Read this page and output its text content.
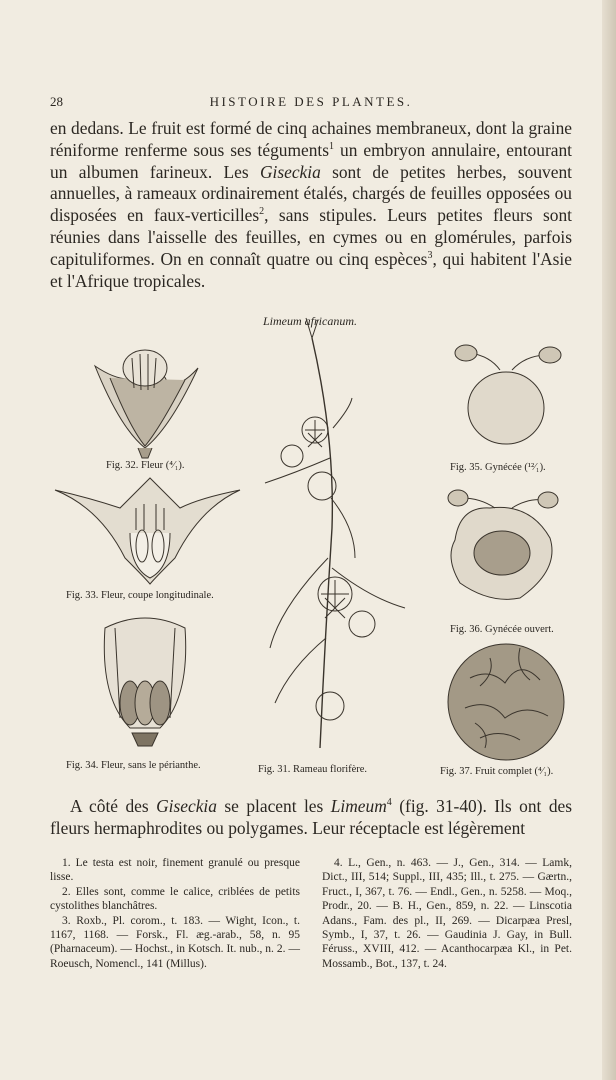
28	HISTOIRE DES PLANTES.

en dedans. Le fruit est formé de cinq achaines membraneux, dont la graine réniforme renferme sous ses téguments$^1$ un embryon annulaire, entourant un albumen farineux. Les Giseckia sont de petites herbes, souvent annuelles, à rameaux ordinairement étalés, chargés de feuilles opposées ou disposées en faux-verticilles$^2$, sans stipules. Leurs petites fleurs sont réunies dans l'aisselle des feuilles, en cymes ou en glomérules, parfois capituliformes. On en connaît quatre ou cinq espèces$^3$, qui habitent l'Asie et l'Afrique tropicales.

Limeum africanum.
Fig. 32. Fleur (⁴⁄₁).
Fig. 33. Fleur, coupe longitudinale.
Fig. 34. Fleur, sans le périanthe.	Fig. 31. Rameau florifère.
Fig. 35. Gynécée (¹²⁄₁).
Fig. 36. Gynécée ouvert.
Fig. 37. Fruit complet (⁴⁄₁).

A côté des Giseckia se placent les Limeum$^4$ (fig. 31-40). Ils ont des fleurs hermaphrodites ou polygames. Leur réceptacle est légèrement

1. Le testa est noir, finement granulé ou presque lisse.

2. Elles sont, comme le calice, criblées de petits cystolithes blanchâtres.

3. Roxb., Pl. corom., t. 183. — Wight, Icon., t. 1167, 1168. — Forsk., Fl. æg.-arab., 58, n. 95 (Pharnaceum). — Hochst., in Kotsch. It. nub., n. 2. — Roeusch, Nomencl., 141 (Millus).

4. L., Gen., n. 463. — J., Gen., 314. — Lamk, Dict., III, 514; Suppl., III, 435; Ill., t. 275. — Gærtn., Fruct., I, 367, t. 76. — Endl., Gen., n. 5258. — Moq., Prodr., 20. — B. H., Gen., 859, n. 22. — Linscotia Adans., Fam. des pl., II, 269. — Dicarpæa Presl, Symb., I, 37, t. 26. — Gaudinia J. Gay, in Bull. Féruss., XVIII, 412. — Acanthocarpæa Kl., in Pet. Mossamb., Bot., 137, t. 24.
